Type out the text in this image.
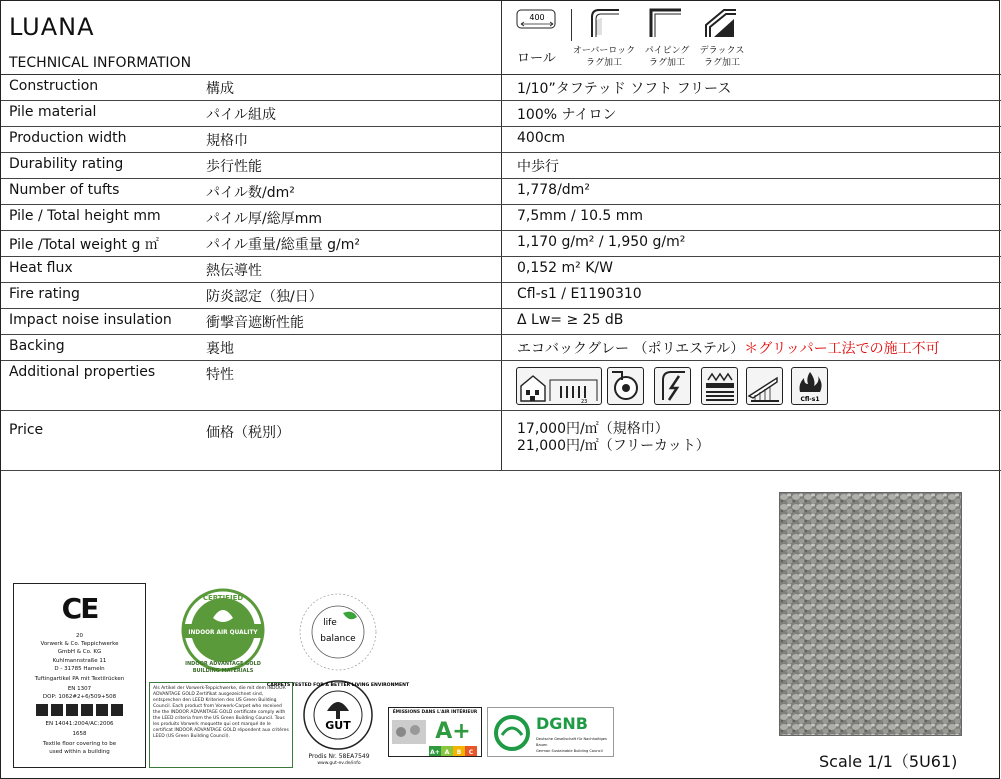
LUANA
TECHNICAL INFORMATION
400
ロール オーバーロック
ラグ加工
パイピング
ラグ加工
デラックス
ラグ加工
Construction	構成	1/10”タフテッド ソフト フリース
Pile material	パイル組成	100% ナイロン
Production width	規格巾	400cm
Durability rating	歩行性能	中歩行
Number of tufts	パイル数/dm²	1,778/dm²
Pile / Total height mm	パイル厚/総厚mm	7,5mm / 10.5 mm
Pile /Total weight g ㎡	パイル重量/総重量 g/m²	1,170 g/m² / 1,950 g/m²
Heat flux	熱伝導性	0,152 m² K/W
Fire rating	防炎認定（独/日）	Cfl-s1 / E1190310
Impact noise insulation 衝撃音遮断性能	Δ Lw= ≥ 25 dB
Backing	裏地	エコバックグレー （ポリエステル）＊グリッパー工法での施工不可
Additional properties	特性
Price	価格（税別）	17,000円/㎡（規格巾）
21,000円/㎡（フリーカット）
23	Cfl-s1
CE
20
Vorwerk & Co. Teppichwerke
GmbH & Co. KG
Kuhlmannstraße 11
D - 31785 Hameln
Tuftingartikel PA mit Textilrücken
EN 1307
DOP: 1062#2+6/509+508
EN 14041:2004/AC:2006
1658
Textile floor covering to be
used within a building
CERTIFIED
INDOOR AIR QUALITY
INDOOR ADVANTAGE GOLD
BUILDING MATERIALS
Als Artikel der Vorwerk-Teppichwerke, die mit dem INDOOR ADVANTAGE GOLD Zertifikat ausgezeichnet sind, entsprechen den LEED Kriterien des US Green Building Council. Each product from Vorwerk-Carpet who received the the INDOOR ADVANTAGE GOLD certificate comply with the LEED criteria from the US Green Building Council. Tous les produits Vorwerk moquette qui ont marqué de le certificat INDOOR ADVANTAGE GOLD répondent aux critères LEED (US Green Building Council).
life
balance
GUT
CARPETS TESTED FOR A BETTER LIVING ENVIRONMENT
Prodis Nr. 58EA7549
www.gut-ev.de/info
ÉMISSIONS DANS L'AIR INTÉRIEUR
A+
A+ A B C
DGNB
Deutsche Gesellschaft für Nachhaltiges Bauen
German Sustainable Building Council
Scale 1/1（5U61)
